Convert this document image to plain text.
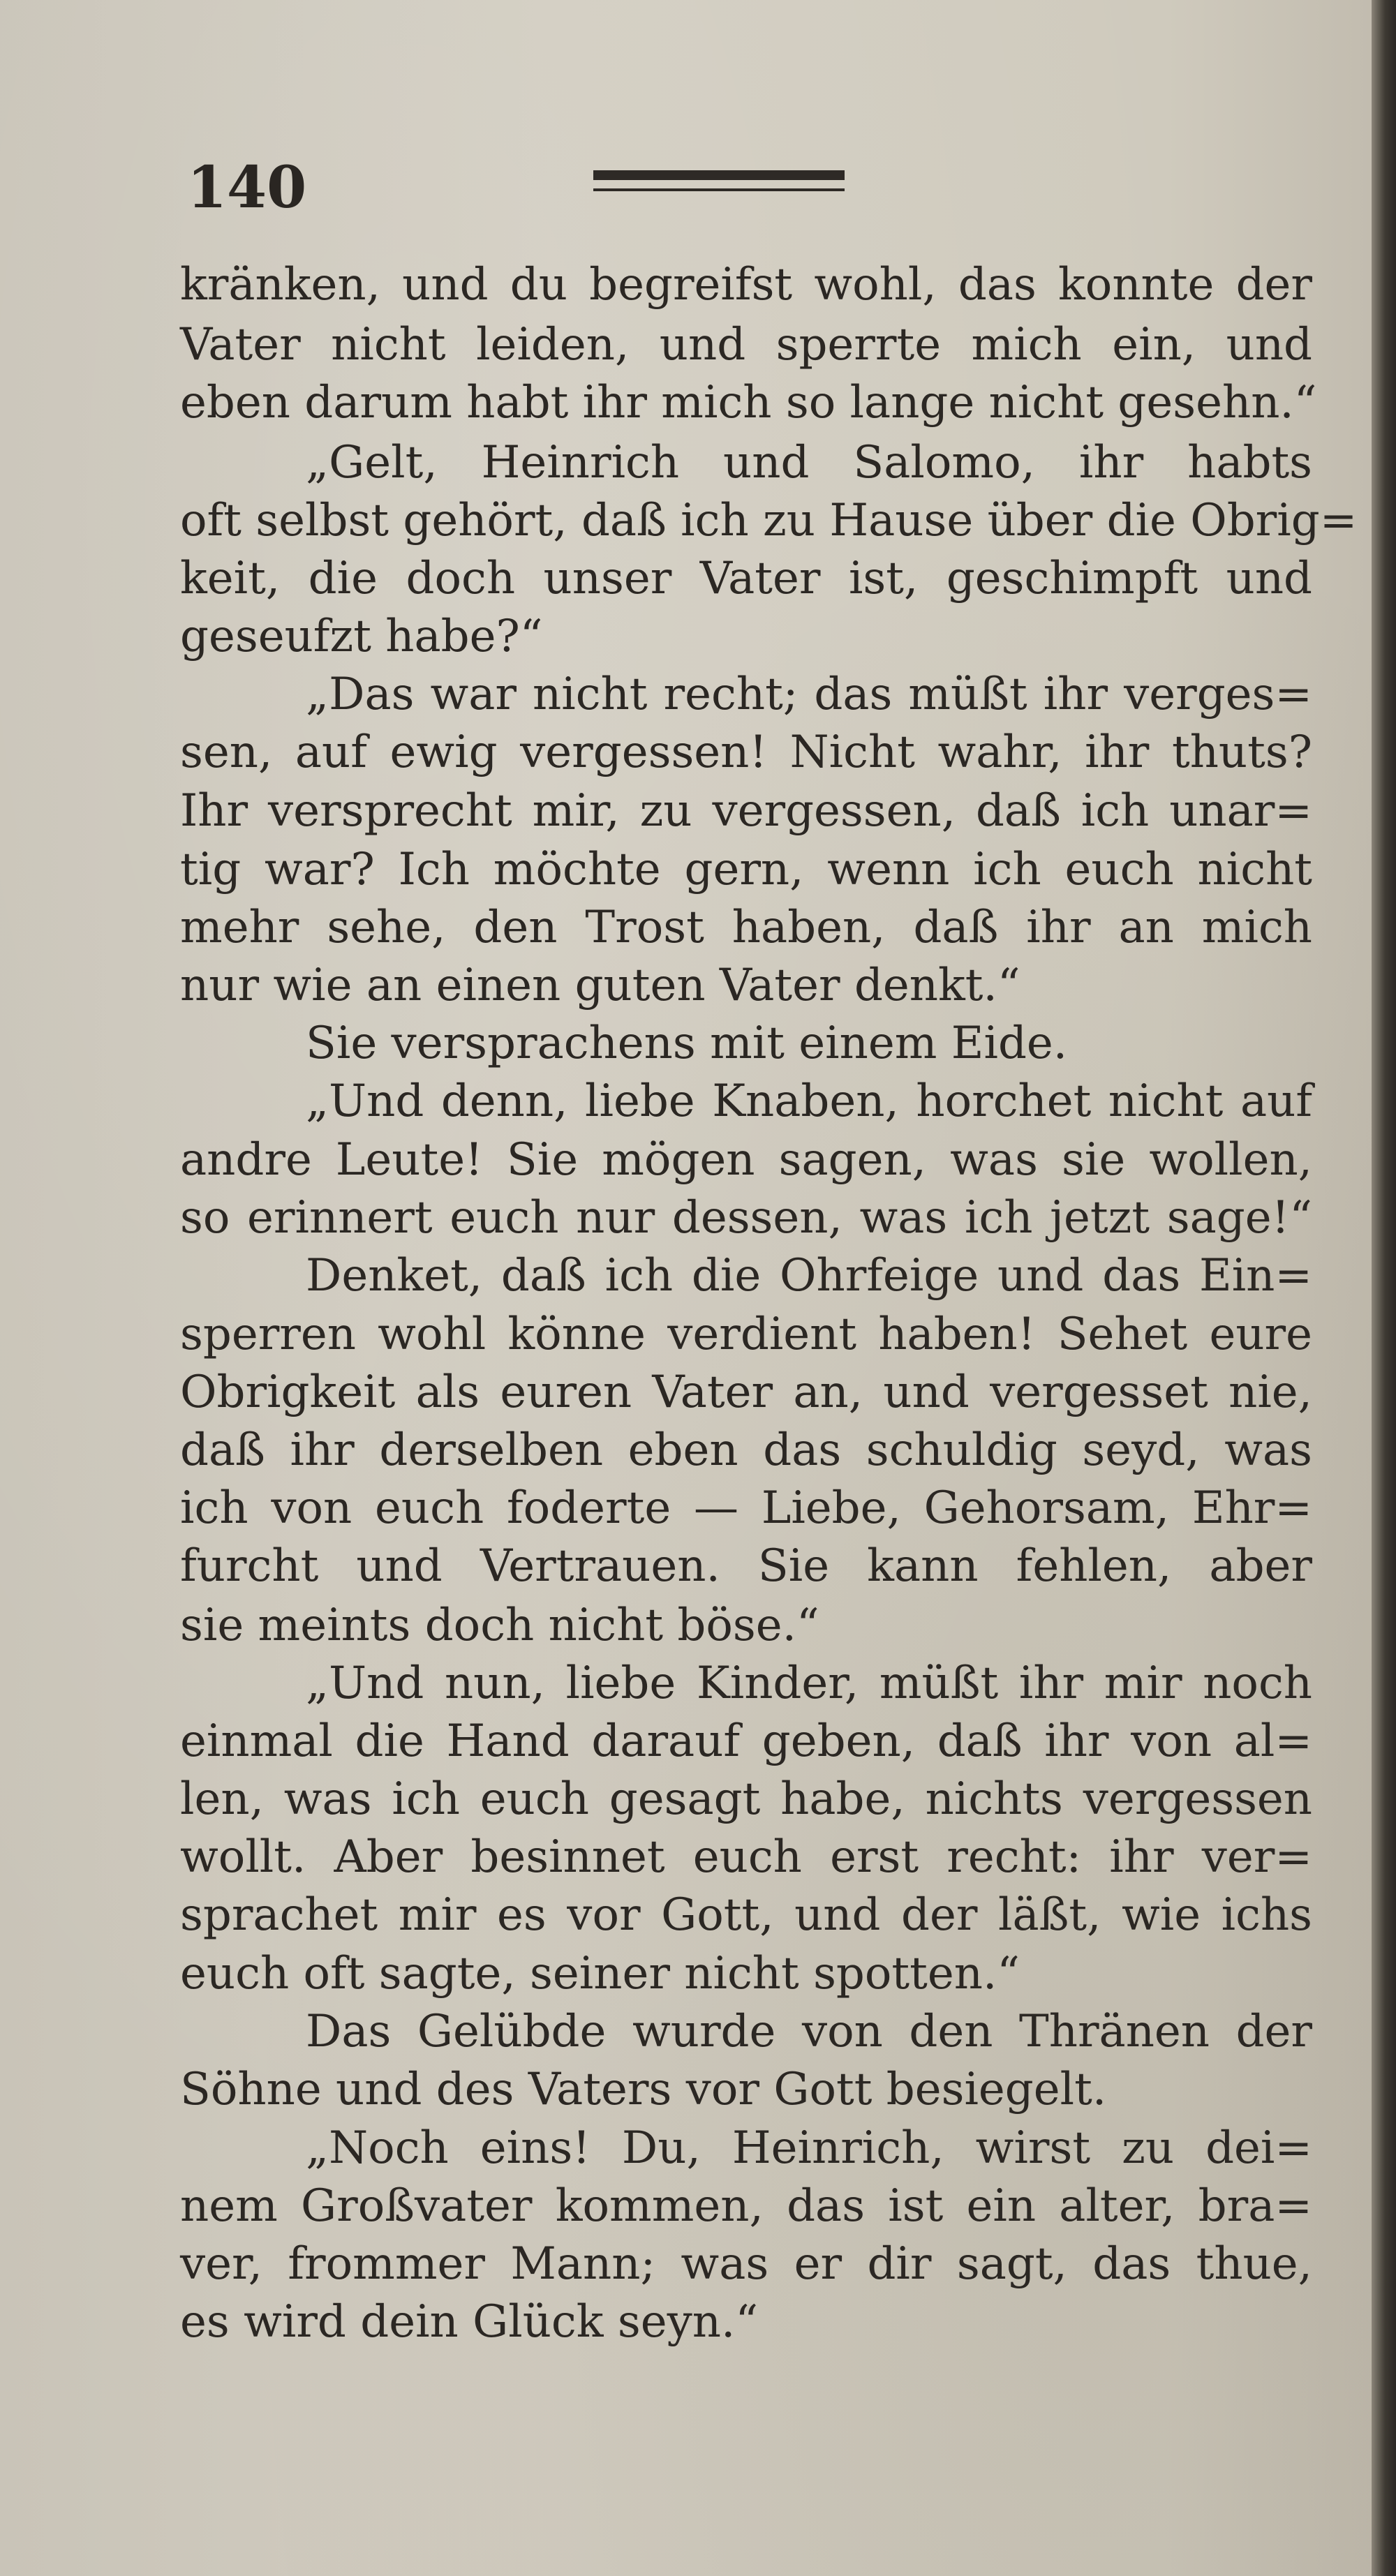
140

kränken, und du begreifst wohl, das konnte der

Vater nicht leiden, und sperrte mich ein, und

eben darum habt ihr mich so lange nicht gesehn.“

„Gelt, Heinrich und Salomo, ihr habts

oft selbst gehört, daß ich zu Hause über die Obrig=

keit, die doch unser Vater ist, geschimpft und

geseufzt habe?“

„Das war nicht recht; das müßt ihr verges=

sen, auf ewig vergessen! Nicht wahr, ihr thuts?

Ihr versprecht mir, zu vergessen, daß ich unar=

tig war? Ich möchte gern, wenn ich euch nicht

mehr sehe, den Trost haben, daß ihr an mich

nur wie an einen guten Vater denkt.“

Sie versprachens mit einem Eide.

„Und denn, liebe Knaben, horchet nicht auf

andre Leute! Sie mögen sagen, was sie wollen,

so erinnert euch nur dessen, was ich jetzt sage!“

Denket, daß ich die Ohrfeige und das Ein=

sperren wohl könne verdient haben! Sehet eure

Obrigkeit als euren Vater an, und vergesset nie,

daß ihr derselben eben das schuldig seyd, was

ich von euch foderte — Liebe, Gehorsam, Ehr=

furcht und Vertrauen. Sie kann fehlen, aber

sie meints doch nicht böse.“

„Und nun, liebe Kinder, müßt ihr mir noch

einmal die Hand darauf geben, daß ihr von al=

len, was ich euch gesagt habe, nichts vergessen

wollt. Aber besinnet euch erst recht: ihr ver=

sprachet mir es vor Gott, und der läßt, wie ichs

euch oft sagte, seiner nicht spotten.“

Das Gelübde wurde von den Thränen der

Söhne und des Vaters vor Gott besiegelt.

„Noch eins! Du, Heinrich, wirst zu dei=

nem Großvater kommen, das ist ein alter, bra=

ver, frommer Mann; was er dir sagt, das thue,

es wird dein Glück seyn.“
